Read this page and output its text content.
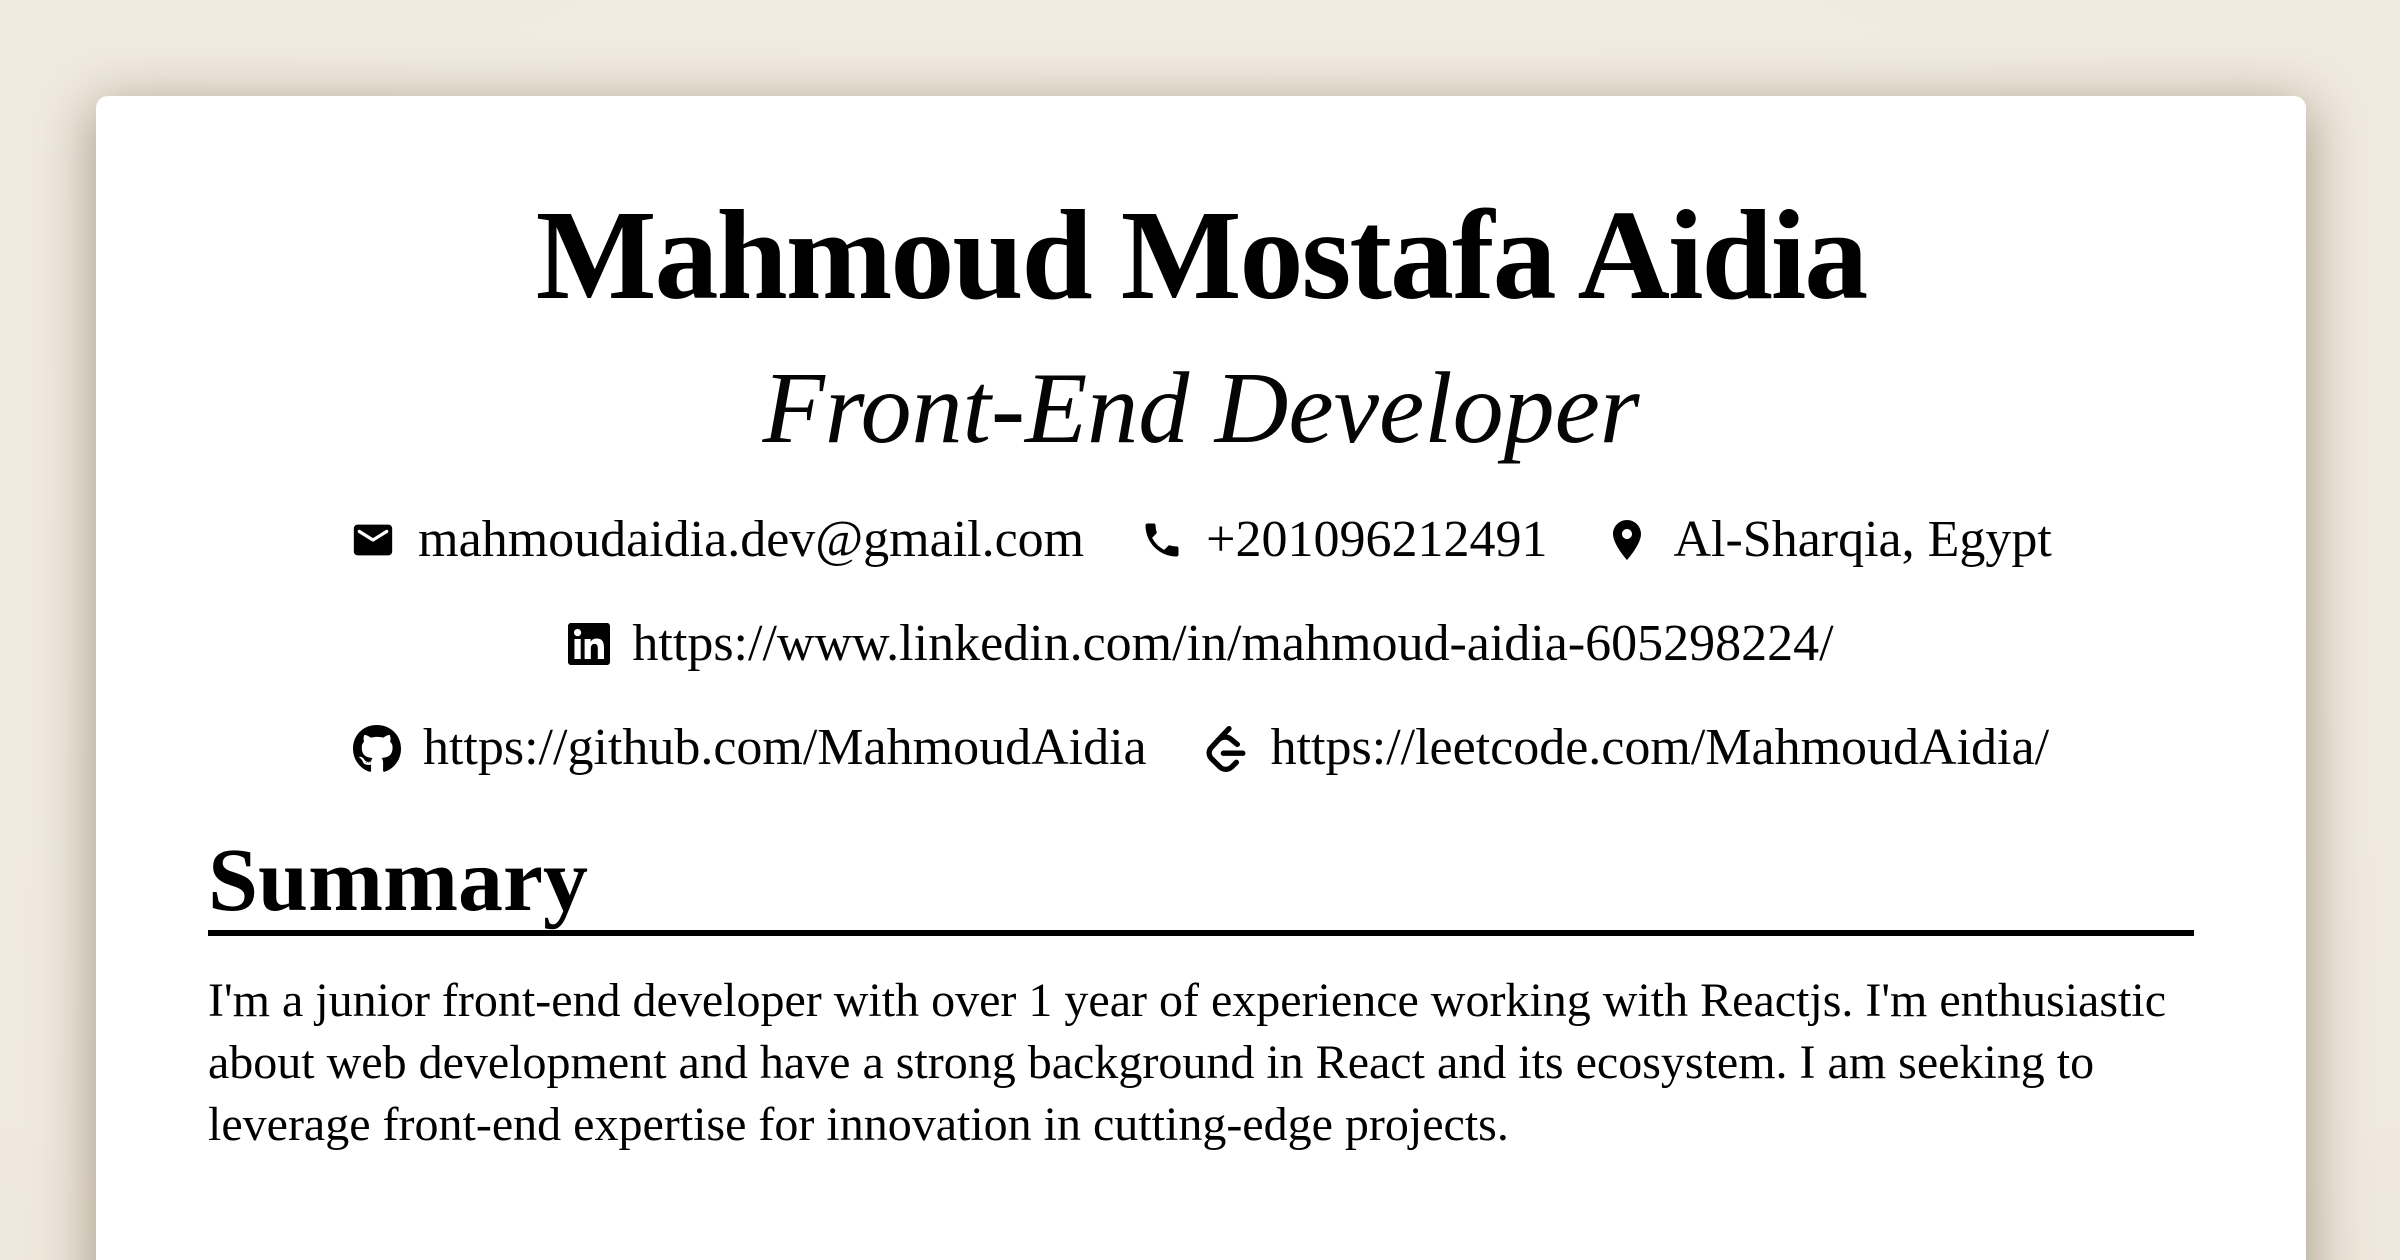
Mahmoud Mostafa Aidia
Front-End Developer
mahmoudaidia.dev@gmail.com +201096212491 Al-Sharqia, Egypt
https://www.linkedin.com/in/mahmoud-aidia-605298224/
https://github.com/MahmoudAidia https://leetcode.com/MahmoudAidia/
Summary

I'm a junior front-end developer with over 1 year of experience working with Reactjs. I'm enthusiastic about web development and have a strong background in React and its ecosystem. I am seeking to leverage front-end expertise for innovation in cutting-edge projects.
